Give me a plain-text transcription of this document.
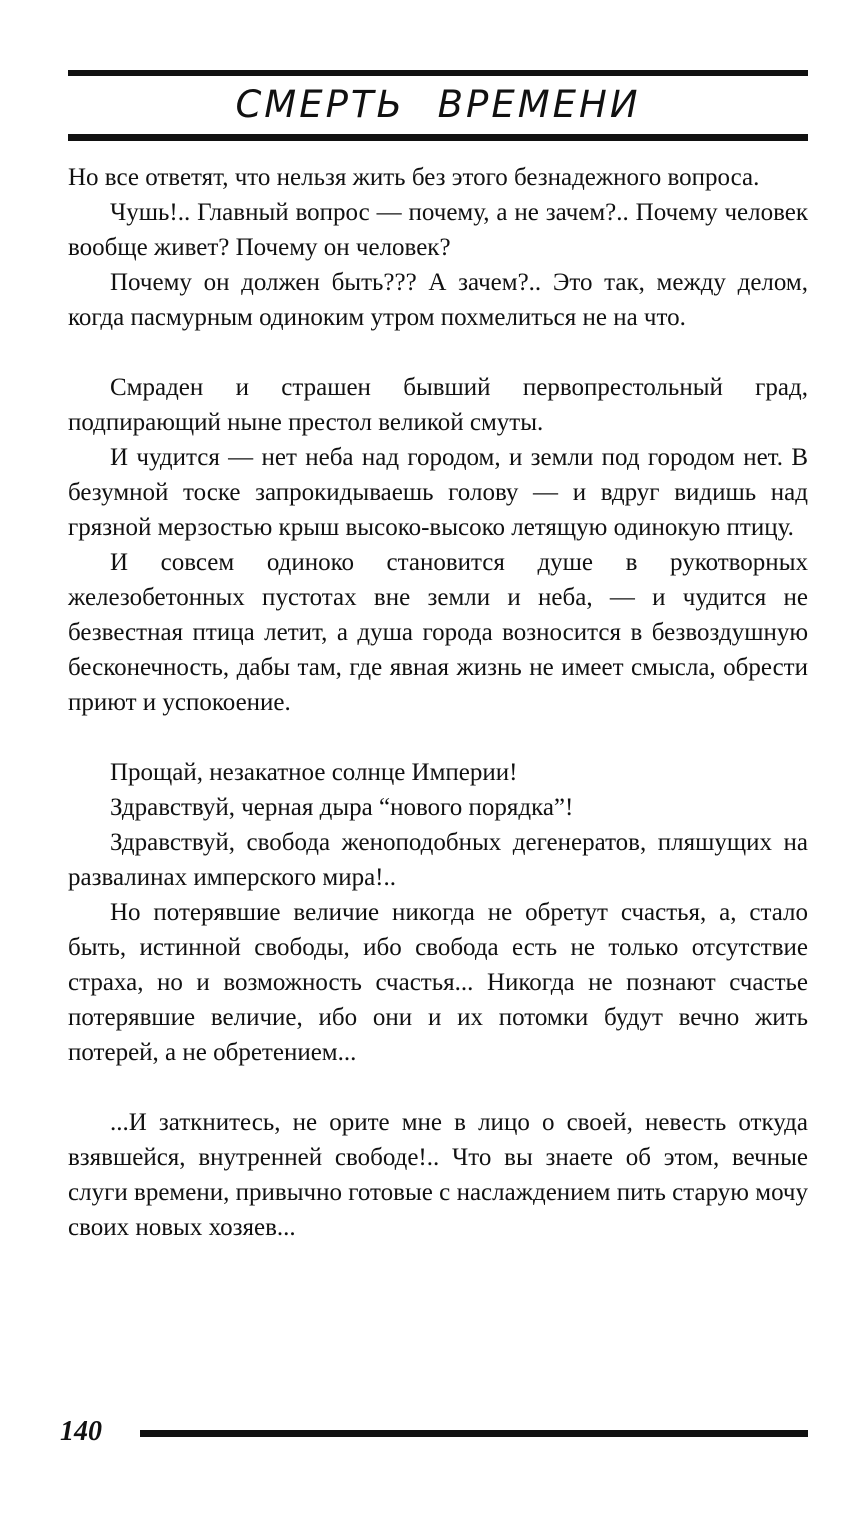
СМЕРТЬ ВРЕМЕНИ

Но все ответят, что нельзя жить без этого безнадежного вопроса.

Чушь!.. Главный вопрос — почему, а не зачем?.. Почему человек вообще живет? Почему он человек?

Почему он должен быть??? А зачем?.. Это так, между делом, когда пасмурным одиноким утром похмелиться не на что.

Смраден и страшен бывший первопрестольный град, подпирающий ныне престол великой смуты.

И чудится — нет неба над городом, и земли под городом нет. В безумной тоске запрокидываешь голову — и вдруг видишь над грязной мерзостью крыш высоко-высоко летящую одинокую птицу.

И совсем одиноко становится душе в рукотворных железобетонных пустотах вне земли и неба, — и чудится не безвестная птица летит, а душа города возносится в безвоздушную бесконечность, дабы там, где явная жизнь не имеет смысла, обрести приют и успокоение.

Прощай, незакатное солнце Империи!

Здравствуй, черная дыра “нового порядка”!

Здравствуй, свобода женоподобных дегенератов, пляшущих на развалинах имперского мира!..

Но потерявшие величие никогда не обретут счастья, а, стало быть, истинной свободы, ибо свобода есть не только отсутствие страха, но и возможность счастья... Никогда не познают счастье потерявшие величие, ибо они и их потомки будут вечно жить потерей, а не обретением...

...И заткнитесь, не орите мне в лицо о своей, невесть откуда взявшейся, внутренней свободе!.. Что вы знаете об этом, вечные слуги времени, привычно готовые с наслаждением пить старую мочу своих новых хозяев...

140
